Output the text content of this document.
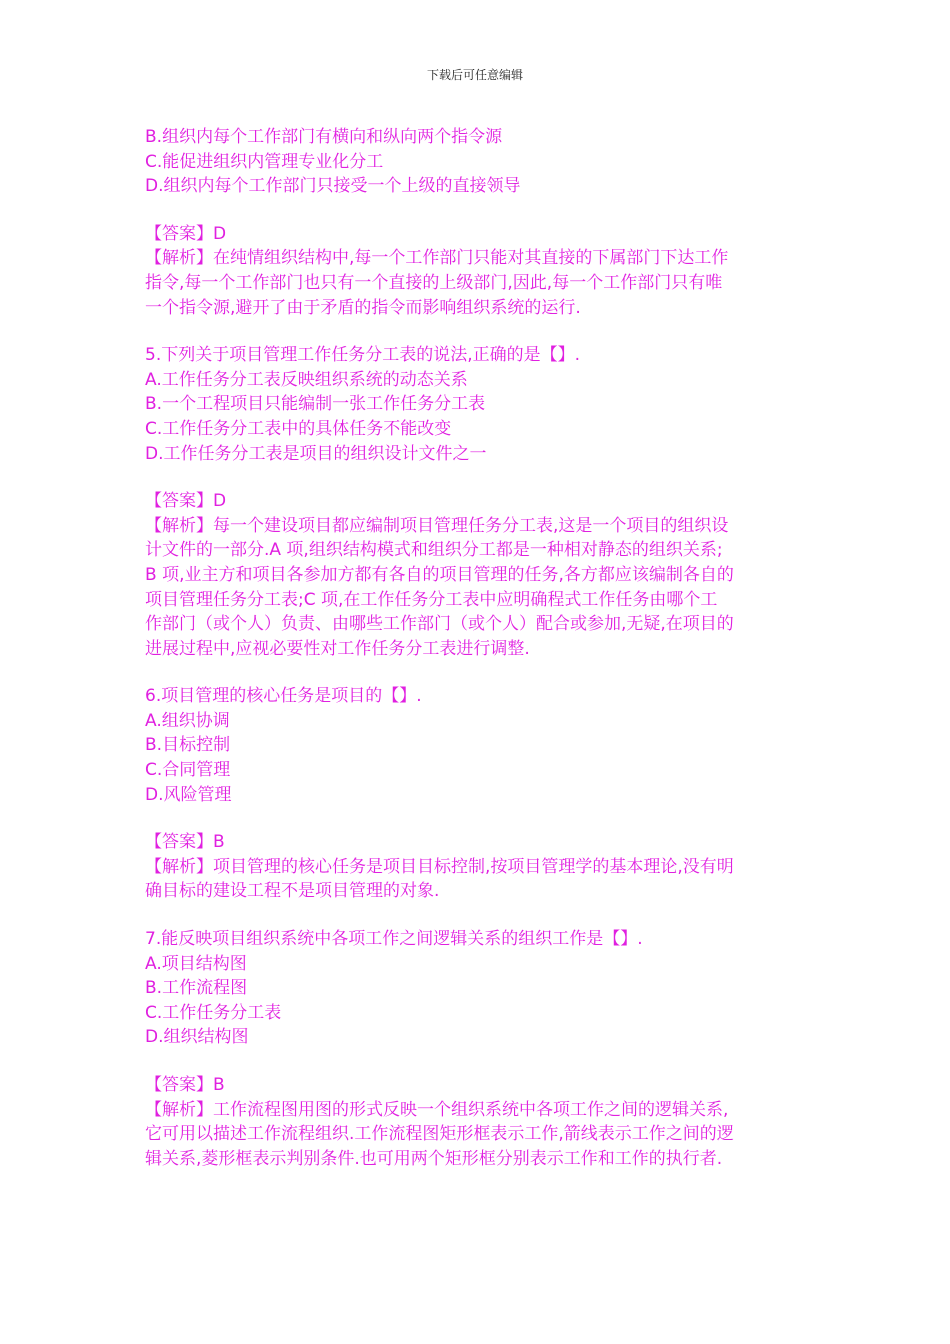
下载后可任意编辑
B.组织内每个工作部门有横向和纵向两个指令源
C.能促进组织内管理专业化分工
D.组织内每个工作部门只接受一个上级的直接领导
【答案】D
【解析】在纯情组织结构中,每一个工作部门只能对其直接的下属部门下达工作
指令,每一个工作部门也只有一个直接的上级部门,因此,每一个工作部门只有唯
一个指令源,避开了由于矛盾的指令而影响组织系统的运行.
5.下列关于项目管理工作任务分工表的说法,正确的是【】.
A.工作任务分工表反映组织系统的动态关系
B.一个工程项目只能编制一张工作任务分工表
C.工作任务分工表中的具体任务不能改变
D.工作任务分工表是项目的组织设计文件之一
【答案】D
【解析】每一个建设项目都应编制项目管理任务分工表,这是一个项目的组织设
计文件的一部分.A 项,组织结构模式和组织分工都是一种相对静态的组织关系;
B 项,业主方和项目各参加方都有各自的项目管理的任务,各方都应该编制各自的
项目管理任务分工表;C 项,在工作任务分工表中应明确程式工作任务由哪个工
作部门（或个人）负责、由哪些工作部门（或个人）配合或参加,无疑,在项目的
进展过程中,应视必要性对工作任务分工表进行调整.
6.项目管理的核心任务是项目的【】.
A.组织协调
B.目标控制
C.合同管理
D.风险管理
【答案】B
【解析】项目管理的核心任务是项目目标控制,按项目管理学的基本理论,没有明
确目标的建设工程不是项目管理的对象.
7.能反映项目组织系统中各项工作之间逻辑关系的组织工作是【】.
A.项目结构图
B.工作流程图
C.工作任务分工表
D.组织结构图
【答案】B
【解析】工作流程图用图的形式反映一个组织系统中各项工作之间的逻辑关系,
它可用以描述工作流程组织.工作流程图矩形框表示工作,箭线表示工作之间的逻
辑关系,菱形框表示判别条件.也可用两个矩形框分别表示工作和工作的执行者.
